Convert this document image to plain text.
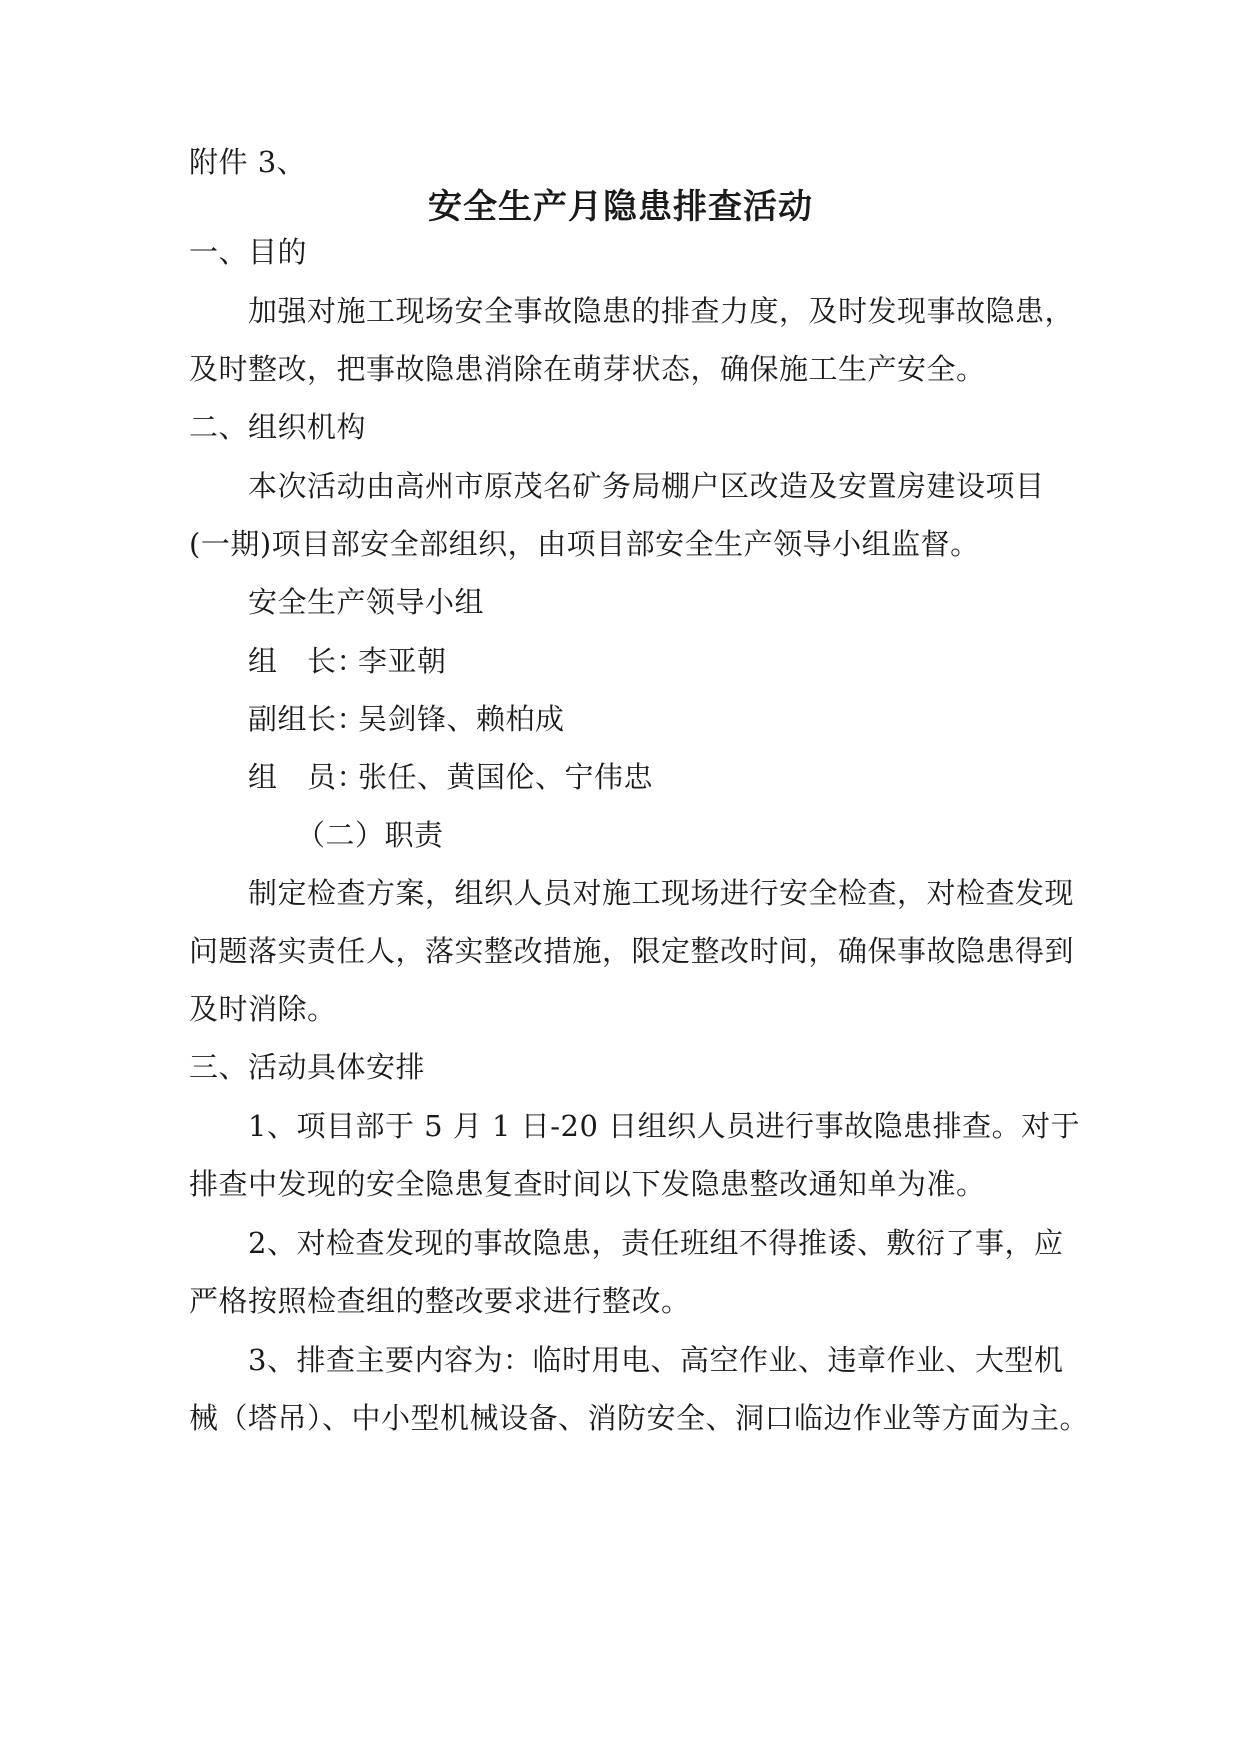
附件 3、
安全生产月隐患排查活动
一、目的
加强对施工现场安全事故隐患的排查力度，及时发现事故隐患，
及时整改，把事故隐患消除在萌芽状态，确保施工生产安全。
二、组织机构
本次活动由高州市原茂名矿务局棚户区改造及安置房建设项目
(一期)项目部安全部组织，由项目部安全生产领导小组监督。
安全生产领导小组
组　长：李亚朝
副组长：吴剑锋、赖柏成
组　员：张任、黄国伦、宁伟忠
（二）职责
制定检查方案，组织人员对施工现场进行安全检查，对检查发现
问题落实责任人，落实整改措施，限定整改时间，确保事故隐患得到
及时消除。
三、活动具体安排
1、项目部于 5 月 1 日-20 日组织人员进行事故隐患排查。对于
排查中发现的安全隐患复查时间以下发隐患整改通知单为准。
2、对检查发现的事故隐患，责任班组不得推诿、敷衍了事，应
严格按照检查组的整改要求进行整改。
3、排查主要内容为：临时用电、高空作业、违章作业、大型机
械（塔吊）、中小型机械设备、消防安全、洞口临边作业等方面为主。
